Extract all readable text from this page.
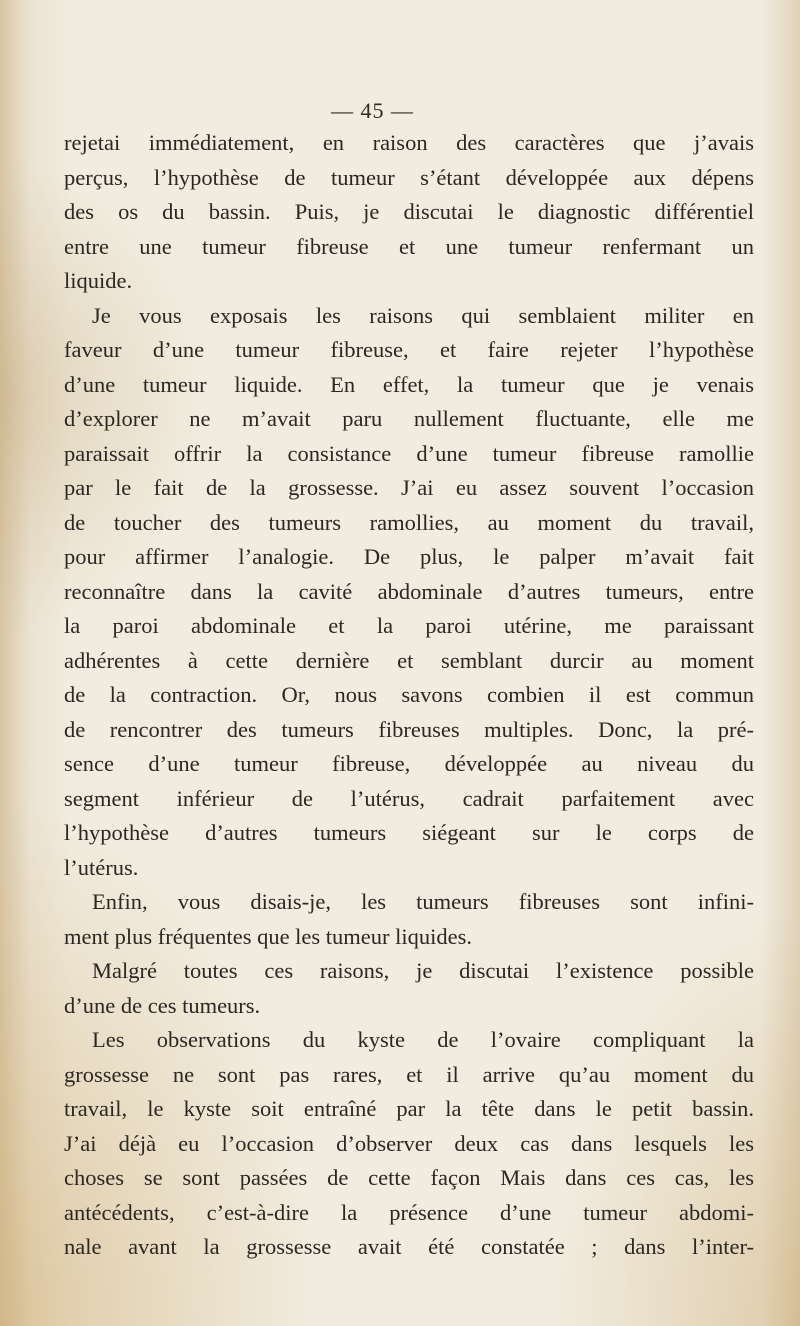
— 45 —
rejetai immédiatement, en raison des caractères que j’avais
perçus, l’hypothèse de tumeur s’étant développée aux dépens
des os du bassin. Puis, je discutai le diagnostic différentiel
entre une tumeur fibreuse et une tumeur renfermant un
liquide.
Je vous exposais les raisons qui semblaient militer en
faveur d’une tumeur fibreuse, et faire rejeter l’hypothèse
d’une tumeur liquide. En effet, la tumeur que je venais
d’explorer ne m’avait paru nullement fluctuante, elle me
paraissait offrir la consistance d’une tumeur fibreuse ramollie
par le fait de la grossesse. J’ai eu assez souvent l’occasion
de toucher des tumeurs ramollies, au moment du travail,
pour affirmer l’analogie. De plus, le palper m’avait fait
reconnaître dans la cavité abdominale d’autres tumeurs, entre
la paroi abdominale et la paroi utérine, me paraissant
adhérentes à cette dernière et semblant durcir au moment
de la contraction. Or, nous savons combien il est commun
de rencontrer des tumeurs fibreuses multiples. Donc, la pré-
sence d’une tumeur fibreuse, développée au niveau du
segment inférieur de l’utérus, cadrait parfaitement avec
l’hypothèse d’autres tumeurs siégeant sur le corps de
l’utérus.
Enfin, vous disais-je, les tumeurs fibreuses sont infini-
ment plus fréquentes que les tumeur liquides.
Malgré toutes ces raisons, je discutai l’existence possible
d’une de ces tumeurs.
Les observations du kyste de l’ovaire compliquant la
grossesse ne sont pas rares, et il arrive qu’au moment du
travail, le kyste soit entraîné par la tête dans le petit bassin.
J’ai déjà eu l’occasion d’observer deux cas dans lesquels les
choses se sont passées de cette façon Mais dans ces cas, les
antécédents, c’est-à-dire la présence d’une tumeur abdomi-
nale avant la grossesse avait été constatée ; dans l’inter-
